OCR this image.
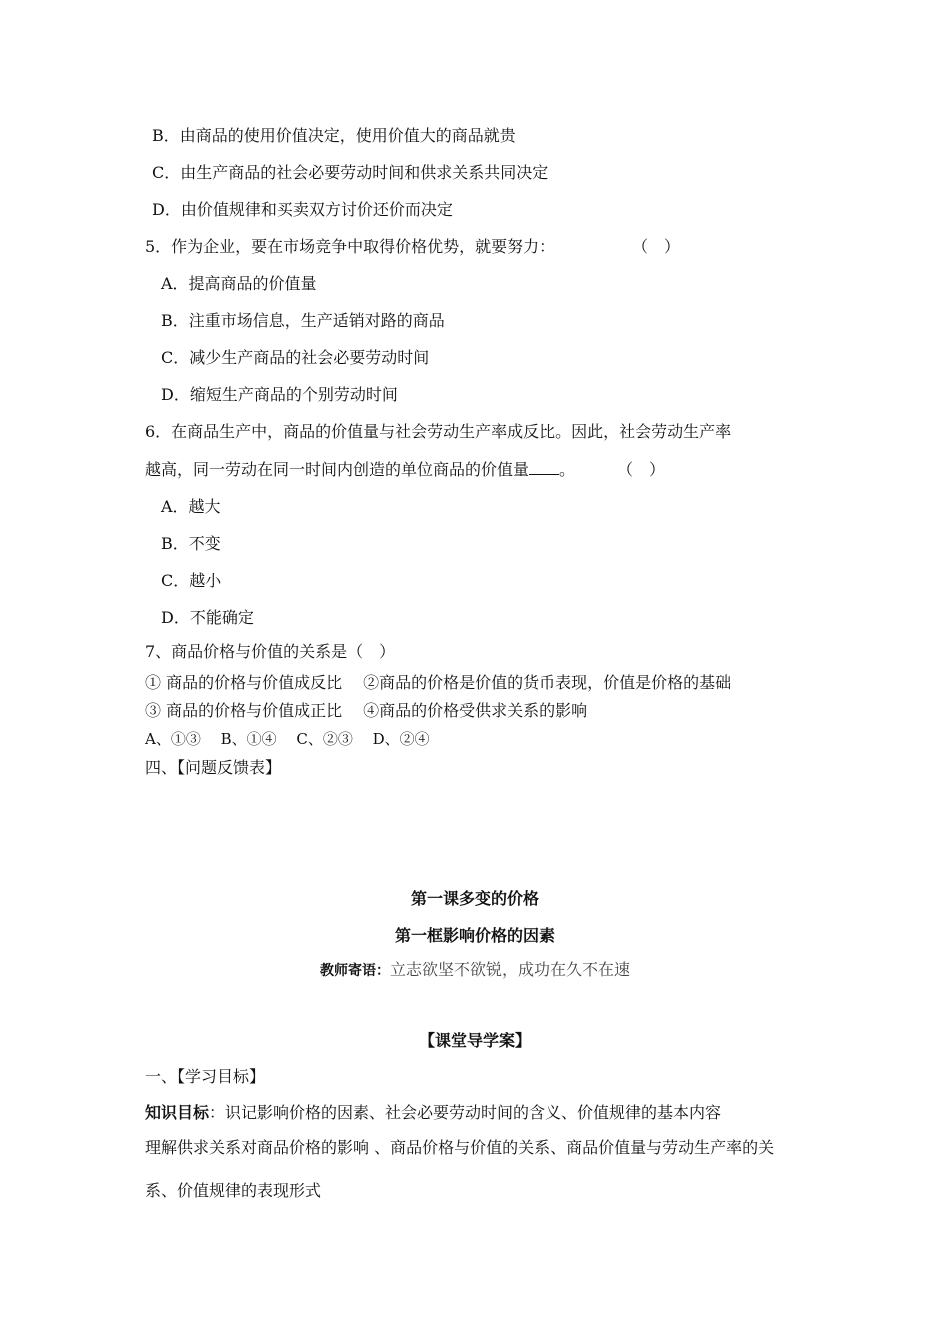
B．由商品的使用价值决定，使用价值大的商品就贵
C．由生产商品的社会必要劳动时间和供求关系共同决定
D．由价值规律和买卖双方讨价还价而决定
5．作为企业，要在市场竞争中取得价格优势，就要努力：	（　）
A．提高商品的价值量
B．注重市场信息，生产适销对路的商品
C．减少生产商品的社会必要劳动时间
D．缩短生产商品的个别劳动时间
6．在商品生产中，商品的价值量与社会劳动生产率成反比。因此，社会劳动生产率
越高，同一劳动在同一时间内创造的单位商品的价值量 。	（　）
A．越大
B．不变
C．越小
D．不能确定
7、商品价格与价值的关系是（　）
① 商品的价格与价值成反比　 ②商品的价格是价值的货币表现，价值是价格的基础
③ 商品的价格与价值成正比　 ④商品的价格受供求关系的影响
A、①③　 B、①④　 C、②③　 D、②④
四、【问题反馈表】
第一课多变的价格
第一框影响价格的因素
教师寄语：立志欲坚不欲锐，成功在久不在速
【课堂导学案】
一、【学习目标】
知识目标：识记影响价格的因素、社会必要劳动时间的含义、价值规律的基本内容
理解供求关系对商品价格的影响 、商品价格与价值的关系、商品价值量与劳动生产率的关
系、价值规律的表现形式
